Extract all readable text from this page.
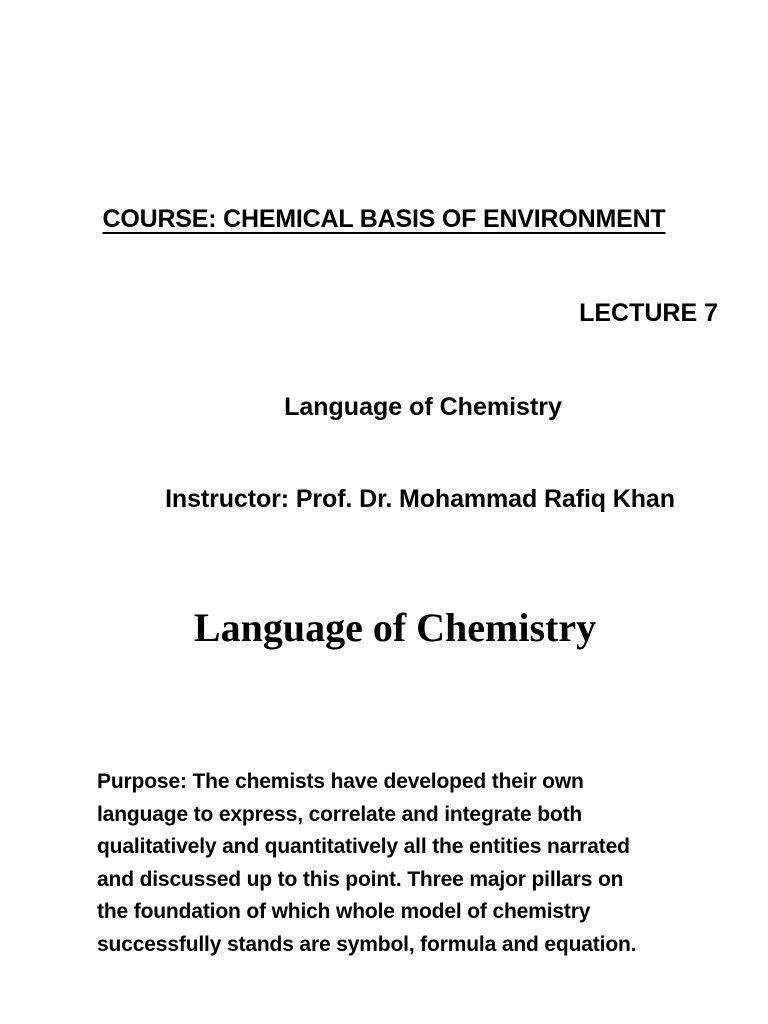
COURSE: CHEMICAL BASIS OF ENVIRONMENT
LECTURE 7
Language of Chemistry
Instructor: Prof. Dr. Mohammad Rafiq Khan
Language of Chemistry
Purpose: The chemists have developed their own
language to express, correlate and integrate both
qualitatively and quantitatively all the entities narrated
and discussed up to this point. Three major pillars on
the foundation of which whole model of chemistry
successfully stands are symbol, formula and equation.
